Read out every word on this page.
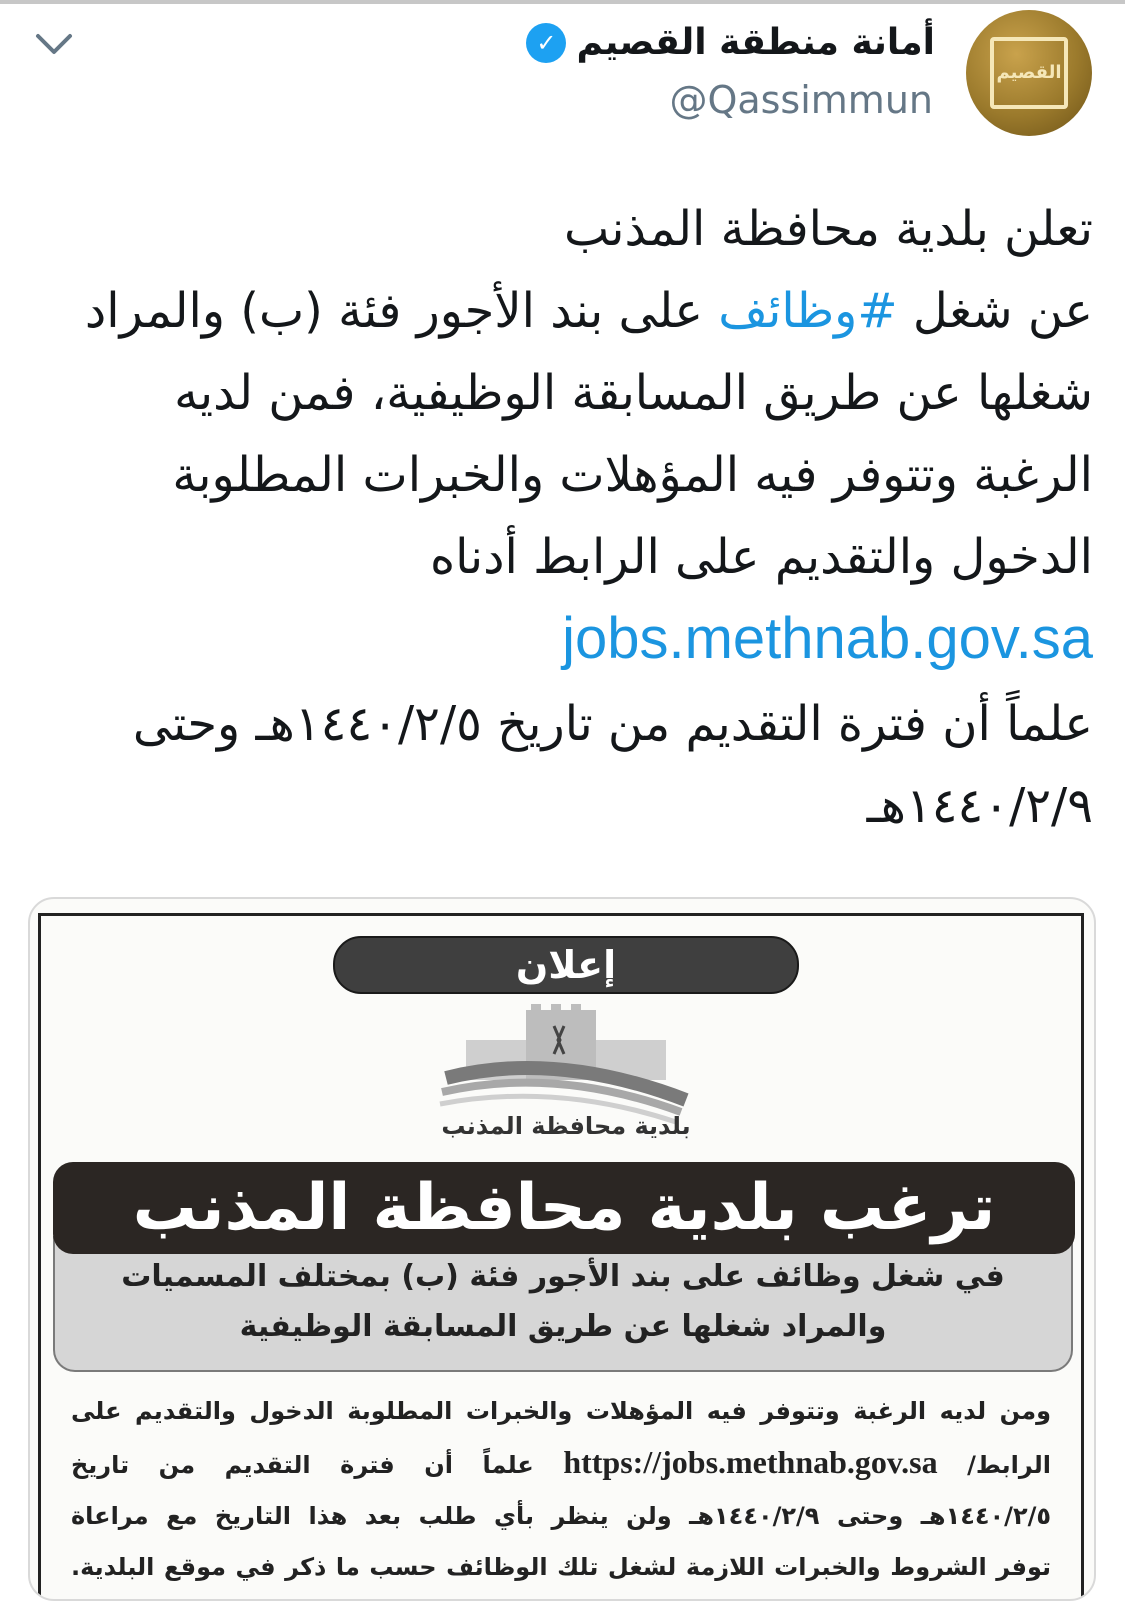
القصيم
أمانة منطقة القصيم
✓
@Qassimmun
تعلن بلدية محافظة المذنب
عن شغل #وظائف على بند الأجور فئة (ب) والمراد
شغلها عن طريق المسابقة الوظيفية، فمن لديه
الرغبة وتتوفر فيه المؤهلات والخبرات المطلوبة
الدخول والتقديم على الرابط أدناه
jobs.methnab.gov.sa
علماً أن فترة التقديم من تاريخ ١٤٤٠/٢/٥هـ وحتى
١٤٤٠/٢/٩هـ
إعلان
بلدية محافظة المذنب
في شغل وظائف على بند الأجور فئة (ب) بمختلف المسميات
والمراد شغلها عن طريق المسابقة الوظيفية
ترغب بلدية محافظة المذنب
ومن لديه الرغبة وتتوفر فيه المؤهلات والخبرات المطلوبة الدخول والتقديم على
الرابط/ https://jobs.methnab.gov.sa علماً أن فترة التقديم من تاريخ
١٤٤٠/٢/٥هـ وحتى ١٤٤٠/٢/٩هـ ولن ينظر بأي طلب بعد هذا التاريخ مع مراعاة
توفر الشروط والخبرات اللازمة لشغل تلك الوظائف حسب ما ذكر في موقع البلدية.
